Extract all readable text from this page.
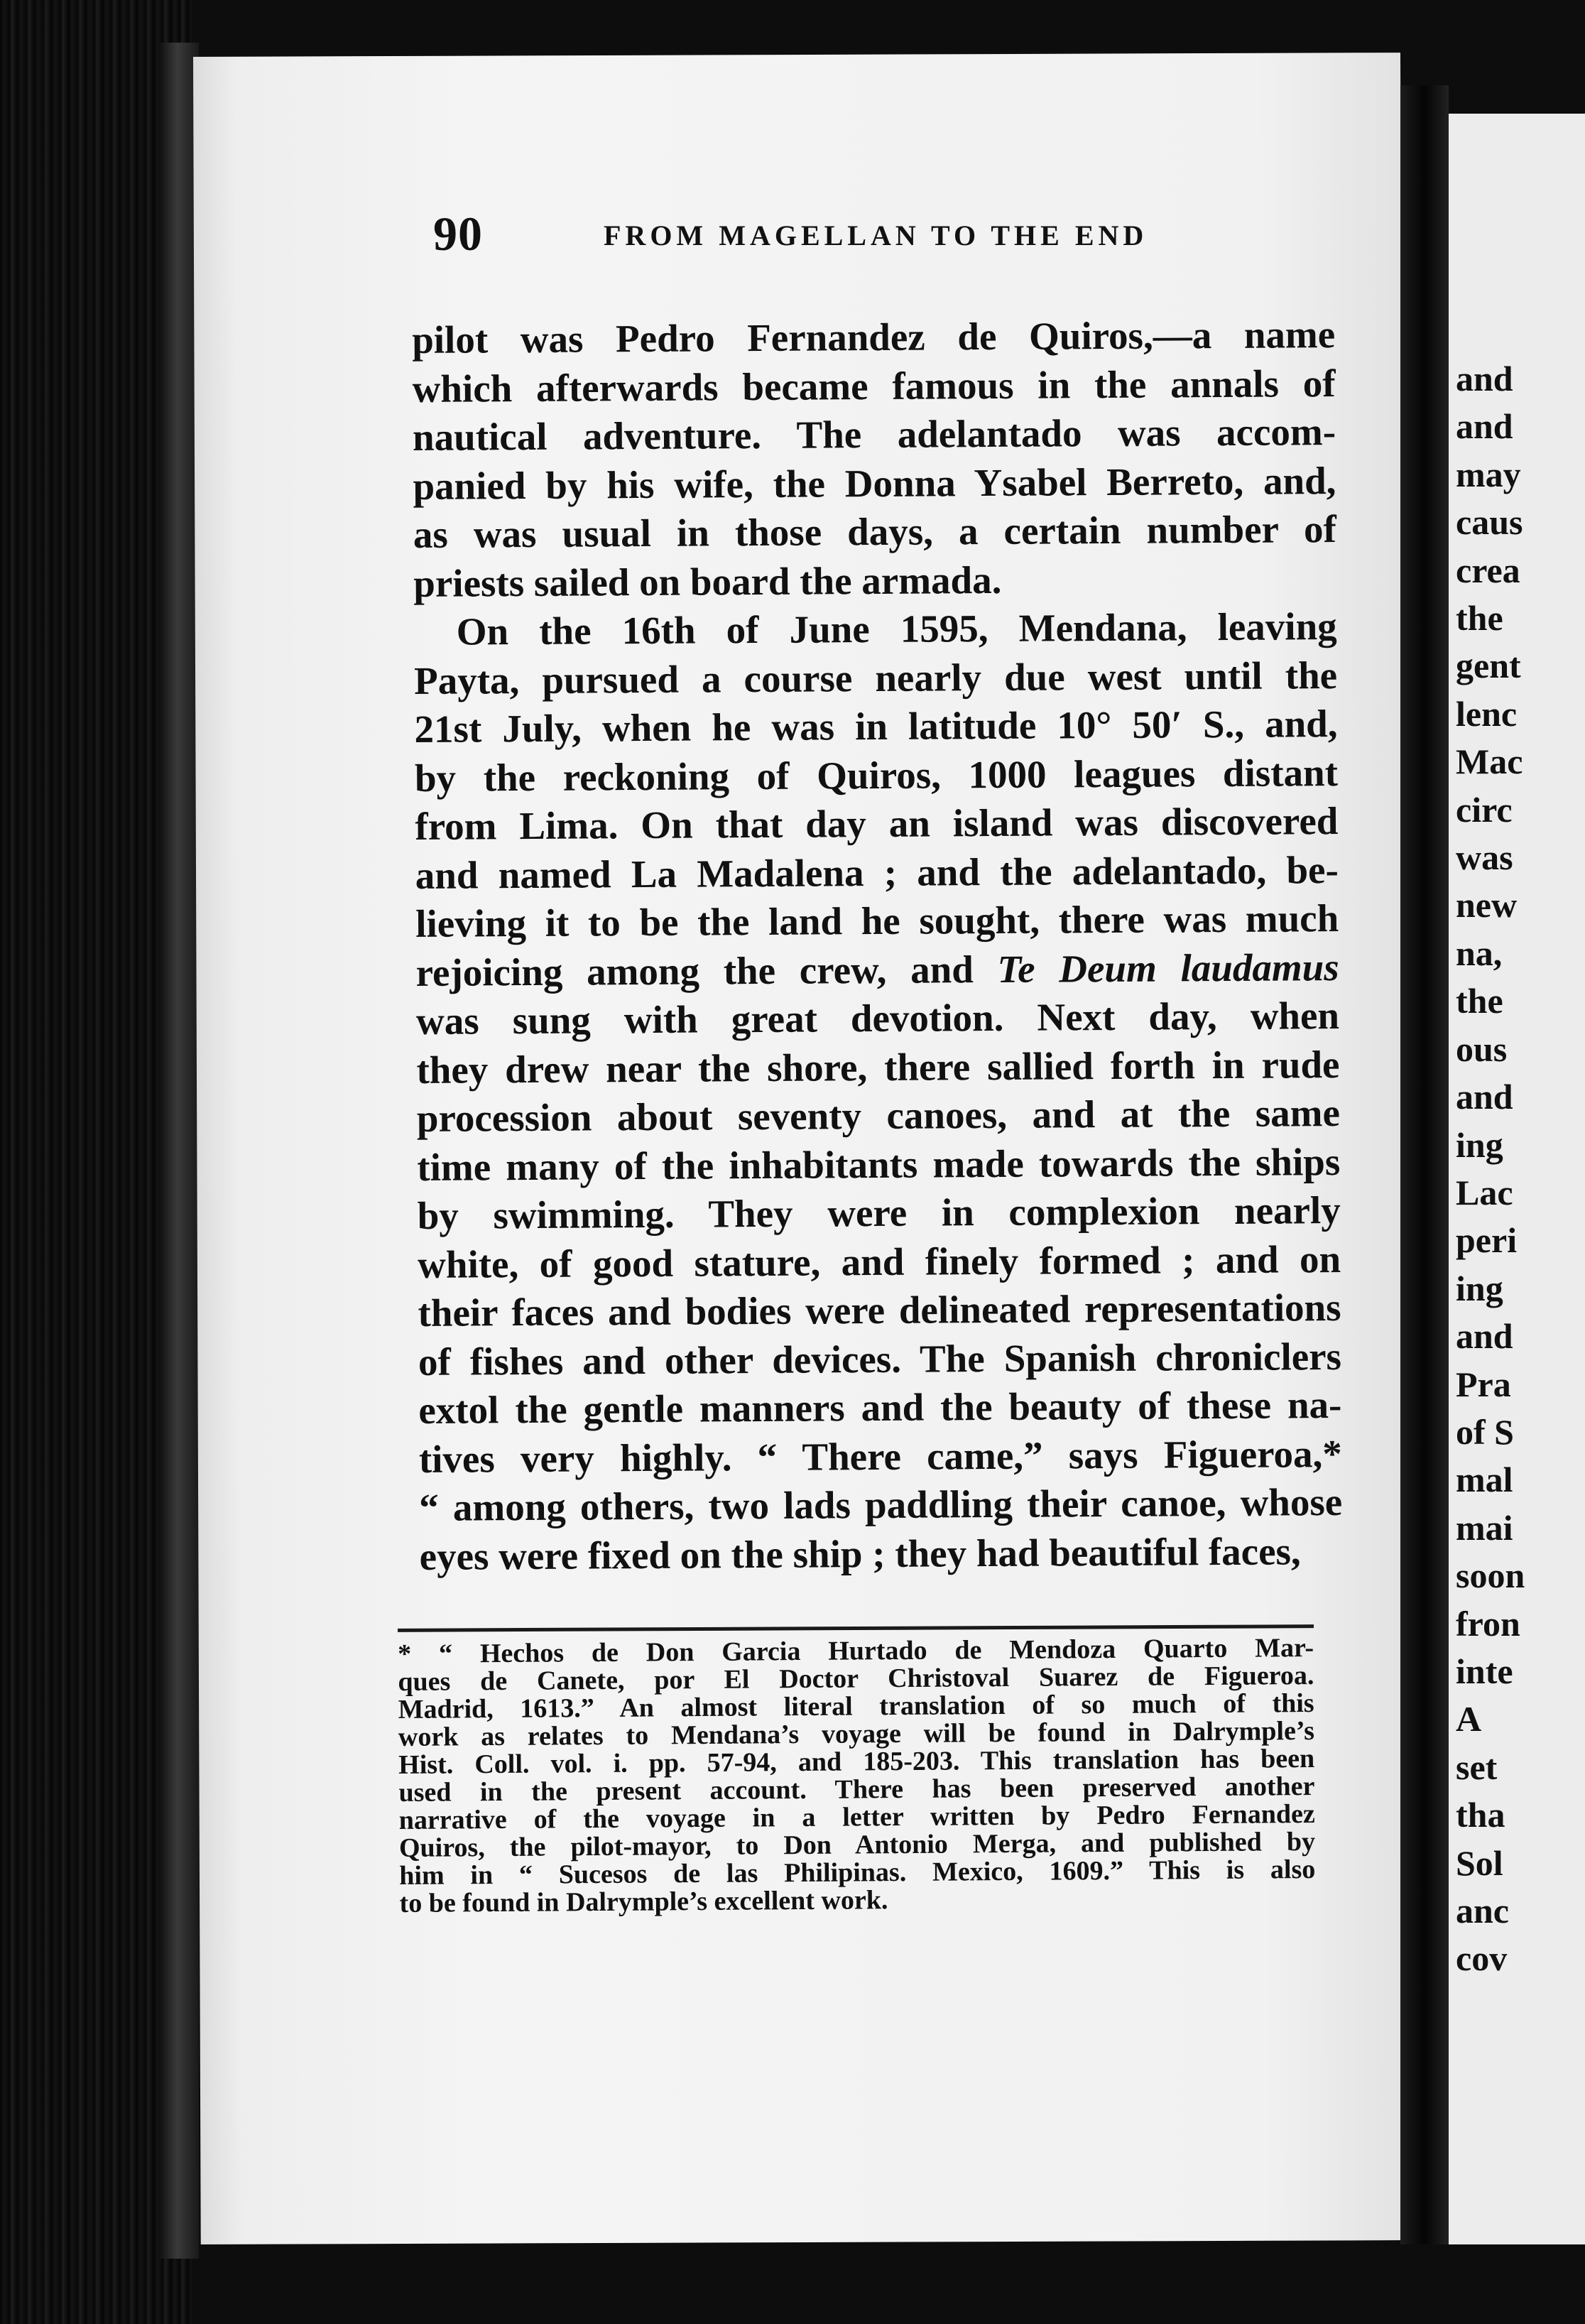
and
and
may
caus
crea
the
gent
lenc
Mac
circ
was
new
na,
the
ous
and
ing
Lac
peri
ing
and
Pra
of S
mal
mai
soon
fron
inte
A
set
tha
Sol
anc
cov
90	FROM MAGELLAN TO THE END
pilot was Pedro Fernandez de Quiros,—a name
which afterwards became famous in the annals of
nautical adventure. The adelantado was accom-
panied by his wife, the Donna Ysabel Berreto, and,
as was usual in those days, a certain number of
priests sailed on board the armada.
On the 16th of June 1595, Mendana, leaving
Payta, pursued a course nearly due west until the
21st July, when he was in latitude 10° 50′ S., and,
by the reckoning of Quiros, 1000 leagues distant
from Lima. On that day an island was discovered
and named La Madalena ; and the adelantado, be-
lieving it to be the land he sought, there was much
rejoicing among the crew, and Te Deum laudamus
was sung with great devotion. Next day, when
they drew near the shore, there sallied forth in rude
procession about seventy canoes, and at the same
time many of the inhabitants made towards the ships
by swimming. They were in complexion nearly
white, of good stature, and finely formed ; and on
their faces and bodies were delineated representations
of fishes and other devices. The Spanish chroniclers
extol the gentle manners and the beauty of these na-
tives very highly. “ There came,” says Figueroa,*
“ among others, two lads paddling their canoe, whose
eyes were fixed on the ship ; they had beautiful faces,
* “ Hechos de Don Garcia Hurtado de Mendoza Quarto Mar-
ques de Canete, por El Doctor Christoval Suarez de Figueroa.
Madrid, 1613.” An almost literal translation of so much of this
work as relates to Mendana’s voyage will be found in Dalrymple’s
Hist. Coll. vol. i. pp. 57-94, and 185-203. This translation has been
used in the present account. There has been preserved another
narrative of the voyage in a letter written by Pedro Fernandez
Quiros, the pilot-mayor, to Don Antonio Merga, and published by
him in “ Sucesos de las Philipinas. Mexico, 1609.” This is also
to be found in Dalrymple’s excellent work.
